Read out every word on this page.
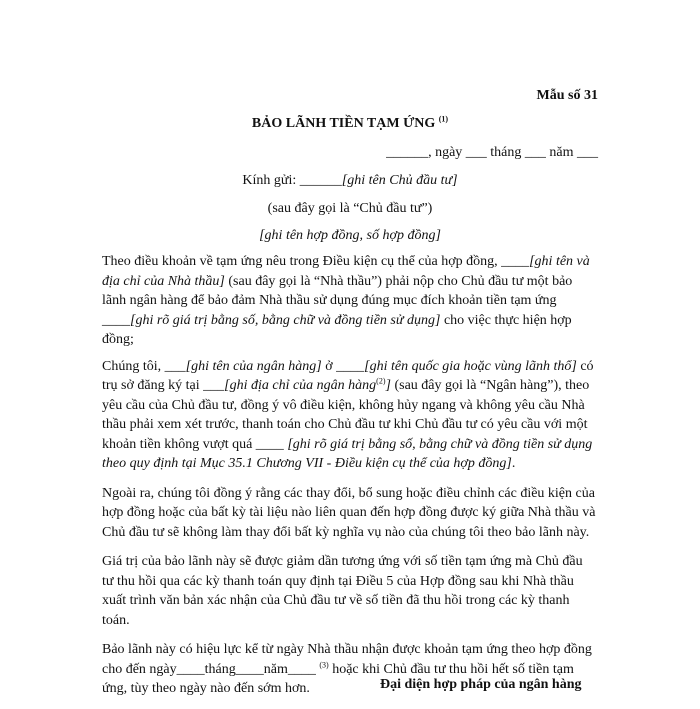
Mẫu số 31
BẢO LÃNH TIỀN TẠM ỨNG $^{(1)}$
______, ngày ___ tháng ___ năm ___
Kính gửi: ______[ghi tên Chủ đầu tư]
(sau đây gọi là “Chủ đầu tư”)
[ghi tên hợp đồng, số hợp đồng]

Theo điều khoản về tạm ứng nêu trong Điều kiện cụ thể của hợp đồng, ____[ghi tên và địa chỉ của Nhà thầu] (sau đây gọi là “Nhà thầu”) phải nộp cho Chủ đầu tư một bảo lãnh ngân hàng để bảo đảm Nhà thầu sử dụng đúng mục đích khoản tiền tạm ứng ____[ghi rõ giá trị bằng số, bằng chữ và đồng tiền sử dụng] cho việc thực hiện hợp đồng;

Chúng tôi, ___[ghi tên của ngân hàng] ở ____[ghi tên quốc gia hoặc vùng lãnh thổ] có trụ sở đăng ký tại ___[ghi địa chỉ của ngân hàng$^{(2)}$] (sau đây gọi là “Ngân hàng”), theo yêu cầu của Chủ đầu tư, đồng ý vô điều kiện, không hủy ngang và không yêu cầu Nhà thầu phải xem xét trước, thanh toán cho Chủ đầu tư khi Chủ đầu tư có yêu cầu với một khoản tiền không vượt quá ____ [ghi rõ giá trị bằng số, bằng chữ và đồng tiền sử dụng theo quy định tại Mục 35.1 Chương VII - Điều kiện cụ thể của hợp đồng].

Ngoài ra, chúng tôi đồng ý rằng các thay đổi, bổ sung hoặc điều chỉnh các điều kiện của hợp đồng hoặc của bất kỳ tài liệu nào liên quan đến hợp đồng được ký giữa Nhà thầu và Chủ đầu tư sẽ không làm thay đổi bất kỳ nghĩa vụ nào của chúng tôi theo bảo lãnh này.

Giá trị của bảo lãnh này sẽ được giảm dần tương ứng với số tiền tạm ứng mà Chủ đầu tư thu hồi qua các kỳ thanh toán quy định tại Điều 5 của Hợp đồng sau khi Nhà thầu xuất trình văn bản xác nhận của Chủ đầu tư về số tiền đã thu hồi trong các kỳ thanh toán.

Bảo lãnh này có hiệu lực kể từ ngày Nhà thầu nhận được khoản tạm ứng theo hợp đồng cho đến ngày____tháng____năm____ $^{(3)}$ hoặc khi Chủ đầu tư thu hồi hết số tiền tạm ứng, tùy theo ngày nào đến sớm hơn.	Đại diện hợp pháp của ngân hàng
